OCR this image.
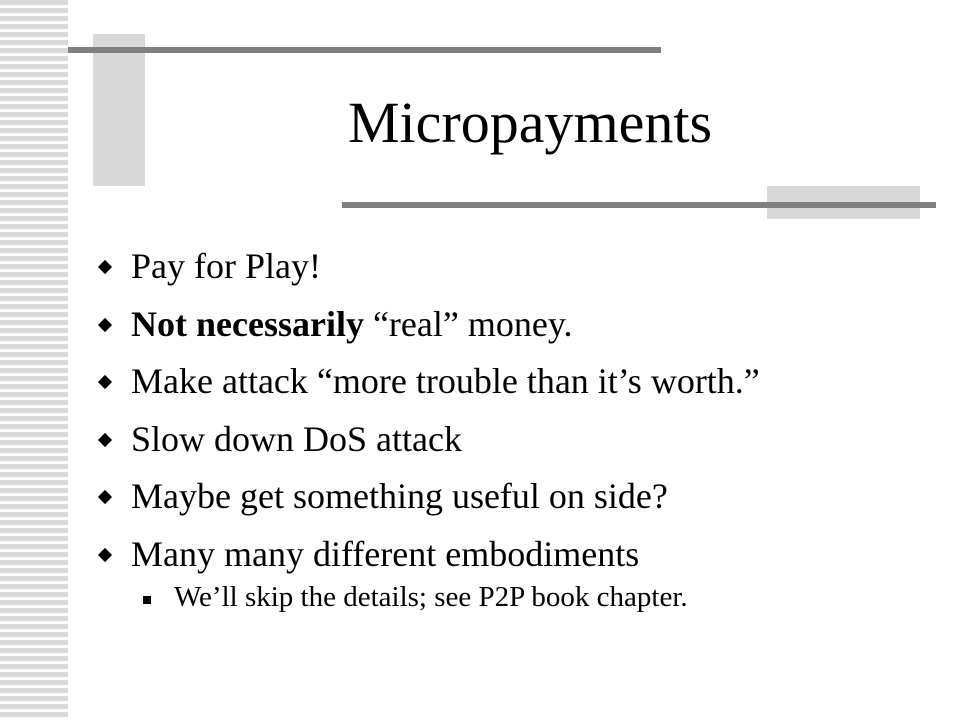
Micropayments
Pay for Play!
Not necessarily “real” money.
Make attack “more trouble than it’s worth.”
Slow down DoS attack
Maybe get something useful on side?
Many many different embodiments
We’ll skip the details; see P2P book chapter.
